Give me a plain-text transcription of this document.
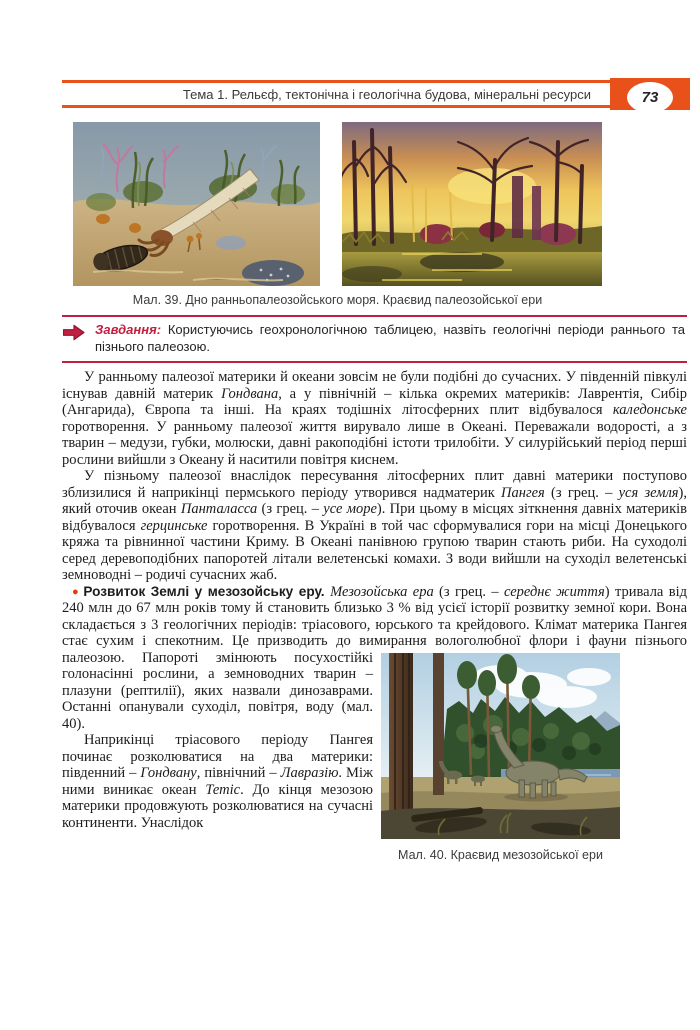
Тема 1. Рельєф, тектонічна і геологічна будова, мінеральні ресурси	73
Мал. 39. Дно ранньопалеозойського моря. Краєвид палеозойської ери

Завдання: Користуючись геохронологічною таблицею, назвіть геологічні періоди раннього та пізнього палеозою.

У ранньому палеозої материки й океани зовсім не були подібні до сучасних. У південній півкулі існував давній материк Гондвана, а у північній – кілька окремих материків: Лаврентія, Сибір (Ангарида), Європа та інші. На краях тодішніх літосферних плит відбувалося каледонське горотворення. У ранньому палеозої життя вирувало лише в Океані. Переважали водорості, а з тварин – медузи, губки, молюски, давні ракоподібні істоти трилобіти. У силурійський період перші рослини вийшли з Океану й наситили повітря киснем.

У пізньому палеозої внаслідок пересування літосферних плит давні материки поступово зблизилися й наприкінці пермського періоду утворився надматерик Пангея (з грец. – уся земля), який оточив океан Панталасса (з грец. – усе море). При цьому в місцях зіткнення давніх материків відбувалося герцинське горотворення. В Україні в той час сформувалися гори на місці Донецького кряжа та рівнинної частини Криму. В Океані панівною групою тварин стають риби. На суходолі серед деревоподібних папоротей літали велетенські комахи. З води вийшли на суходіл велетенські земноводні – родичі сучасних жаб.

●Розвиток Землі у мезозойську еру. Мезозойська ера (з грец. – середнє життя) тривала від 240 млн до 67 млн років тому й становить близько 3 % від усієї історії розвитку земної кори. Вона складається з 3 геологічних періодів: тріасового, юрського та крейдового. Клімат материка Пангея стає сухим і спекотним. Це призводить до вимирання вологолюбної флори і фауни пізнього палеозою.
Мал. 40. Краєвид мезозойської ери
Папороті змінюють посухостійкі голонасінні рослини, а земноводних тварин – плазуни (рептилії), яких назвали динозаврами. Останні опанували суходіл, повітря, воду (мал. 40).

Наприкінці тріасового періоду Пангея починає розколюватися на два материки: південний – Гондвану, північний – Лавразію. Між ними виникає океан Тетіс. До кінця мезозою материки продовжують розколюватися на сучасні континенти. Унаслідок
